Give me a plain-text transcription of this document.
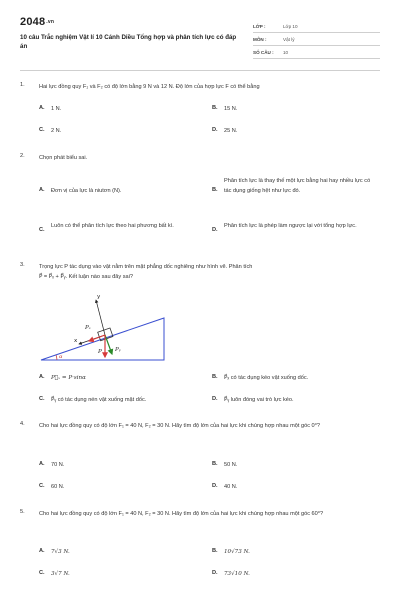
2048.vn
10 câu Trắc nghiệm Vật lí 10 Cánh Diều Tổng hợp và phân tích lực có đáp án
LỚP :	Lớp 10
MÔN :	Vật lý
SỐ CÂU : 10
1.	Hai lực đồng quy F₁ và F₂ có độ lớn bằng 9 N và 12 N. Độ lớn của hợp lực F có thể bằng
A. 1 N.	B. 15 N.
C. 2 N.	D. 25 N.
2.	Chọn phát biểu sai.
A. Đơn vị của lực là niutơn (N).	B.
Phân tích lực là thay thế một lực bằng hai hay nhiều lực có tác dụng giống hệt như lực đó.
C.
Luôn có thể phân tích lực theo hai phương bất kì.
D.
Phân tích lực là phép làm ngược lại với tổng hợp lực.
3.	Trọng lực P tác dụng vào vật nằm trên mặt phẳng dốc nghiêng như hình vẽ. Phân tích
P⃗ = P⃗ₓ + P⃗ᵧ. Kết luận nào sau đây sai?
y
x
Pₓ
Pᵧ
P
α
A. P⃗ₓ = P·sinα	B. P⃗ₓ có tác dụng kéo vật xuống dốc.
C. P⃗ᵧ có tác dụng nén vật xuống mặt dốc.	D. P⃗ᵧ luôn đóng vai trò lực kéo.
4.	Cho hai lực đồng quy có độ lớn F₁ = 40 N, F₂ = 30 N. Hãy tìm độ lớn của hai lực khi chúng hợp nhau một góc 0⁰?
A. 70 N.	B. 50 N.
C. 60 N.	D. 40 N.
5.	Cho hai lực đồng quy có độ lớn F₁ = 40 N, F₂ = 30 N. Hãy tìm độ lớn của hai lực khi chúng hợp nhau một góc 60⁰?
A. 7√3 N.	B. 10√73 N.
C. 3√7 N.	D. 73√10 N.
